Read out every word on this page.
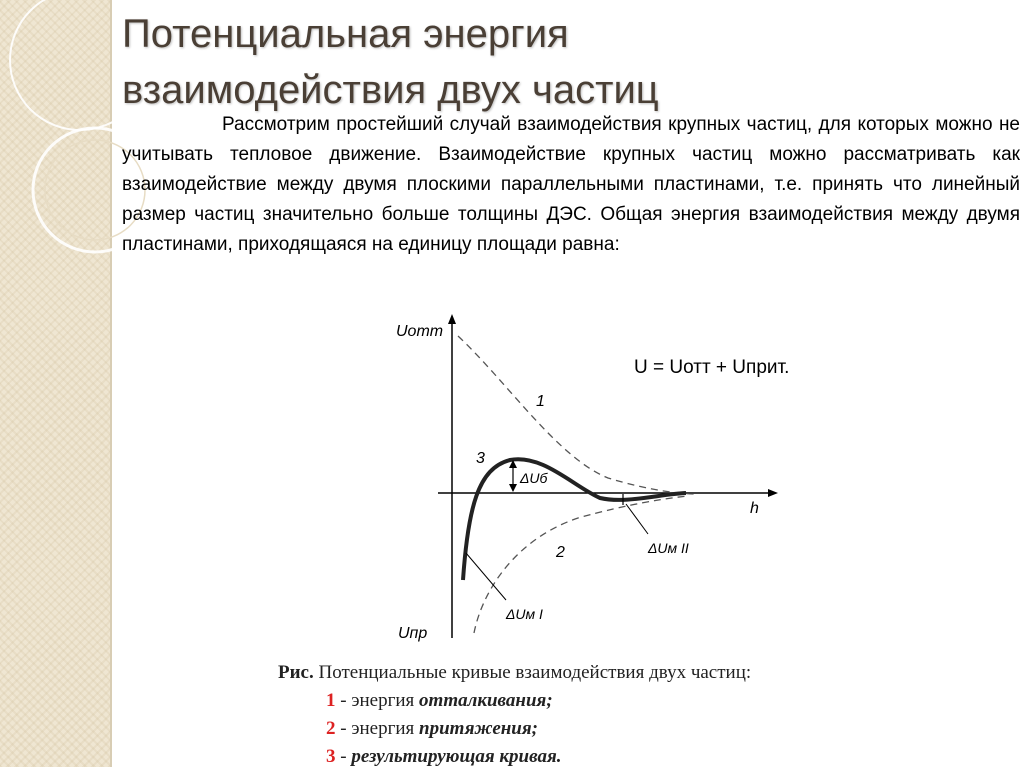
Потенциальная энергия
взаимодействия двух частиц

Рассмотрим простейший случай взаимодействия крупных частиц, для которых можно не учитывать тепловое движение. Взаимодействие крупных частиц можно рассматривать как взаимодействие между двумя плоскими параллельными пластинами, т.е. принять что линейный размер частиц значительно больше толщины ДЭС. Общая энергия взаимодействия между двумя пластинами, приходящаяся на единицу площади равна:

Uотт
Uпр
h
1
2
3
ΔUб
ΔUм II
ΔUм I

U = Uотт + Uприт.

Рис. Потенциальные кривые взаимодействия двух частиц:
1 - энергия отталкивания;
2 - энергия притяжения;
3 - результирующая кривая.
